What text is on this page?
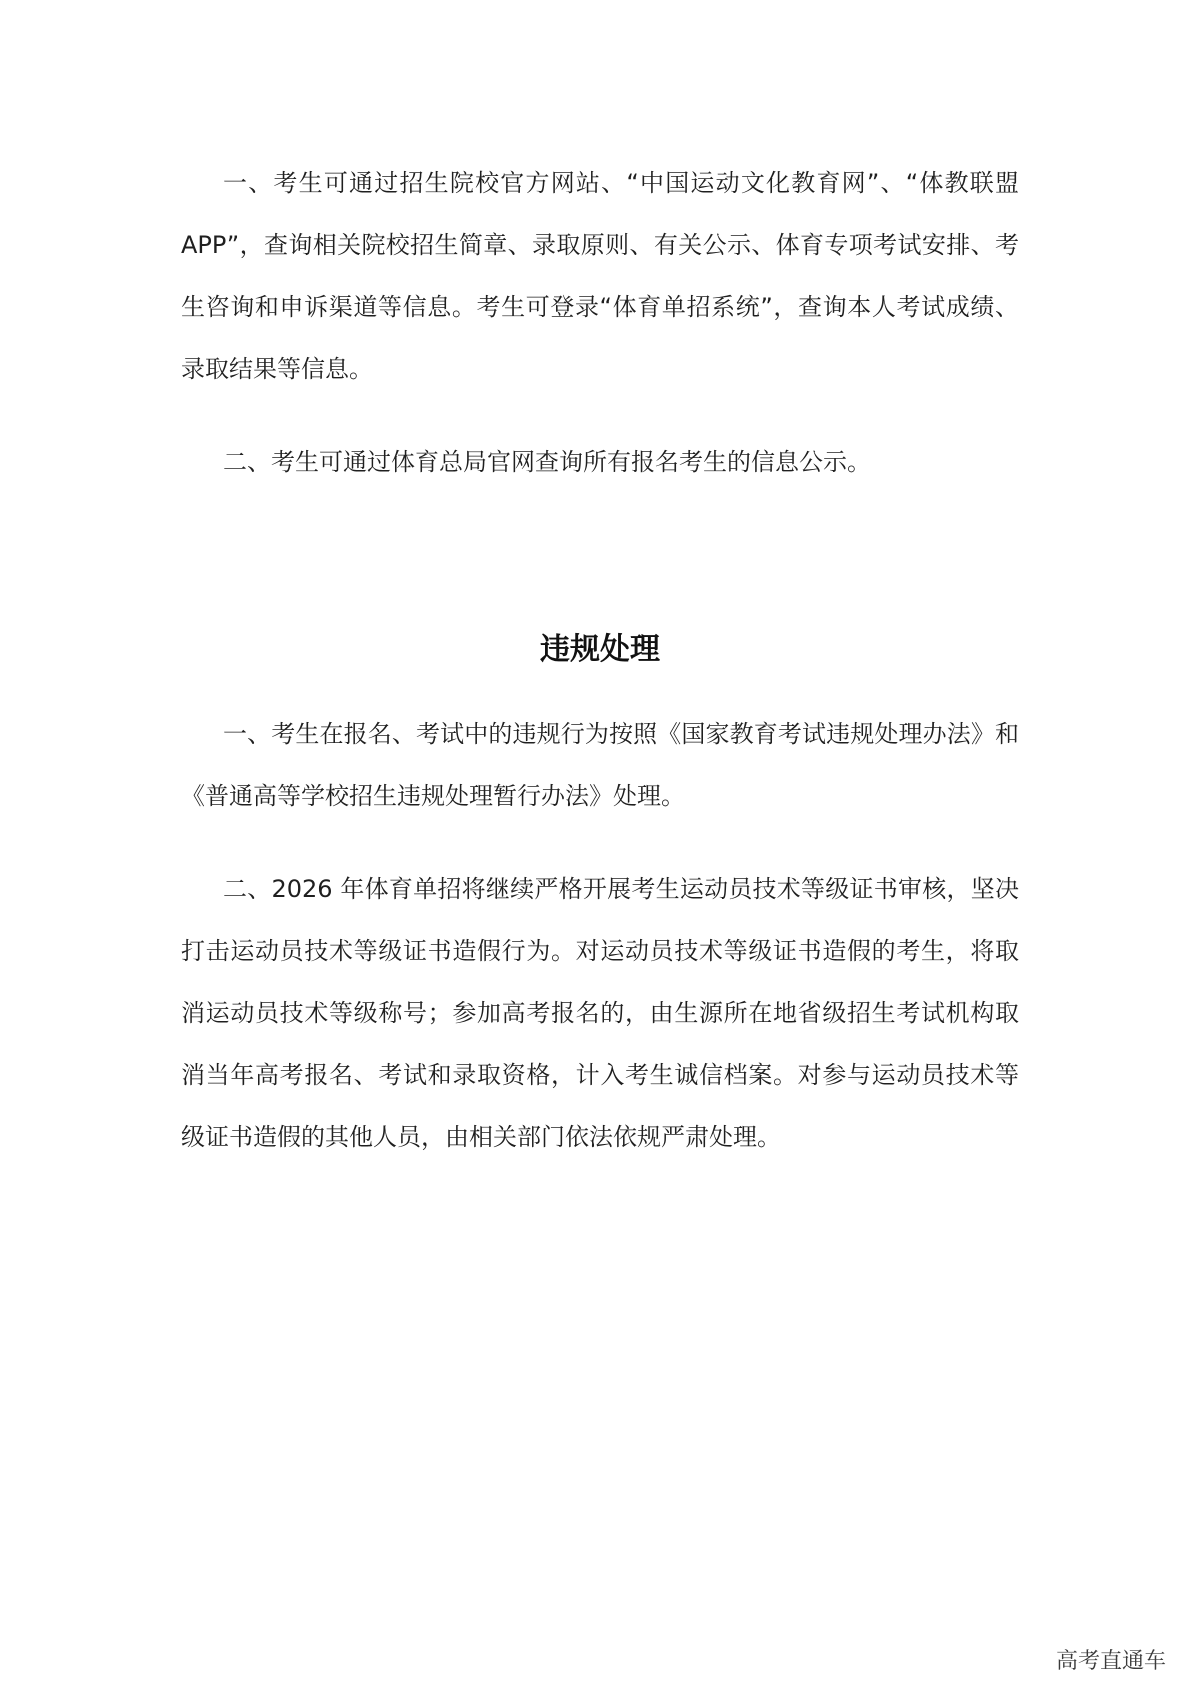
一、考生可通过招生院校官方网站、“中国运动文化教育网”、“体教联盟APP”，查询相关院校招生简章、录取原则、有关公示、体育专项考试安排、考生咨询和申诉渠道等信息。考生可登录“体育单招系统”，查询本人考试成绩、录取结果等信息。

二、考生可通过体育总局官网查询所有报名考生的信息公示。

违规处理

一、考生在报名、考试中的违规行为按照《国家教育考试违规处理办法》和《普通高等学校招生违规处理暂行办法》处理。

二、2026 年体育单招将继续严格开展考生运动员技术等级证书审核，坚决打击运动员技术等级证书造假行为。对运动员技术等级证书造假的考生，将取消运动员技术等级称号；参加高考报名的，由生源所在地省级招生考试机构取消当年高考报名、考试和录取资格，计入考生诚信档案。对参与运动员技术等级证书造假的其他人员，由相关部门依法依规严肃处理。

高考直通车
